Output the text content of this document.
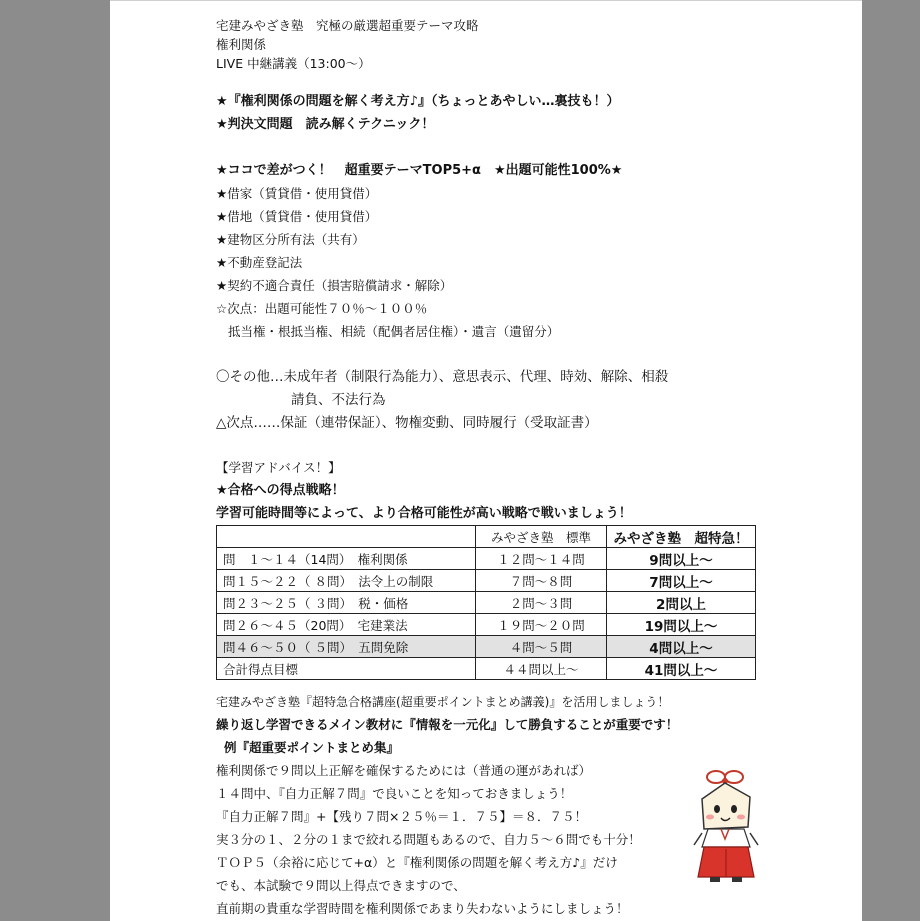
宅建みやざき塾　究極の厳選超重要テーマ攻略
権利関係
LIVE 中継講義（13:00〜）
★『権利関係の問題を解く考え方♪』（ちょっとあやしい…裏技も！）
★判決文問題　読み解くテクニック！
★ココで差がつく！　超重要テーマTOP5+α　★出題可能性100%★
★借家（賃貸借・使用貸借）
★借地（賃貸借・使用貸借）
★建物区分所有法（共有）
★不動産登記法
★契約不適合責任（損害賠償請求・解除）
☆次点：出題可能性７０％〜１００％
抵当権・根抵当権、相続（配偶者居住権）・遺言（遺留分）
〇その他…未成年者（制限行為能力）、意思表示、代理、時効、解除、相殺
請負、不法行為
△次点……保証（連帯保証）、物権変動、同時履行（受取証書）
【学習アドバイス！】
★合格への得点戦略！
学習可能時間等によって、より合格可能性が高い戦略で戦いましょう！
	みやざき塾　標準	みやざき塾　超特急！
問　１〜１４（14問）　権利関係	１２問〜１４問	9問以上〜
問１５〜２２（ ８問）　法令上の制限	７問〜８問	7問以上〜
問２３〜２５（ ３問）　税・価格	２問〜３問	2問以上
問２６〜４５（20問）　宅建業法	１９問〜２０問	19問以上〜
問４６〜５０（ ５問）　五問免除	４問〜５問	4問以上〜
合計得点目標	４４問以上〜	41問以上〜
宅建みやざき塾『超特急合格講座(超重要ポイントまとめ講義)』を活用しましょう！
繰り返し学習できるメイン教材に『情報を一元化』して勝負することが重要です！
例『超重要ポイントまとめ集』
権利関係で９問以上正解を確保するためには（普通の運があれば）
１４問中、『自力正解７問』で良いことを知っておきましょう！
『自力正解７問』+【残り７問×２５％＝１．７５】＝８．７５！
実３分の１、２分の１まで絞れる問題もあるので、自力５〜６問でも十分！
ＴＯＰ５（余裕に応じて+α）と『権利関係の問題を解く考え方♪』だけ
でも、本試験で９問以上得点できますので、
直前期の貴重な学習時間を権利関係であまり失わないようにしましょう！
